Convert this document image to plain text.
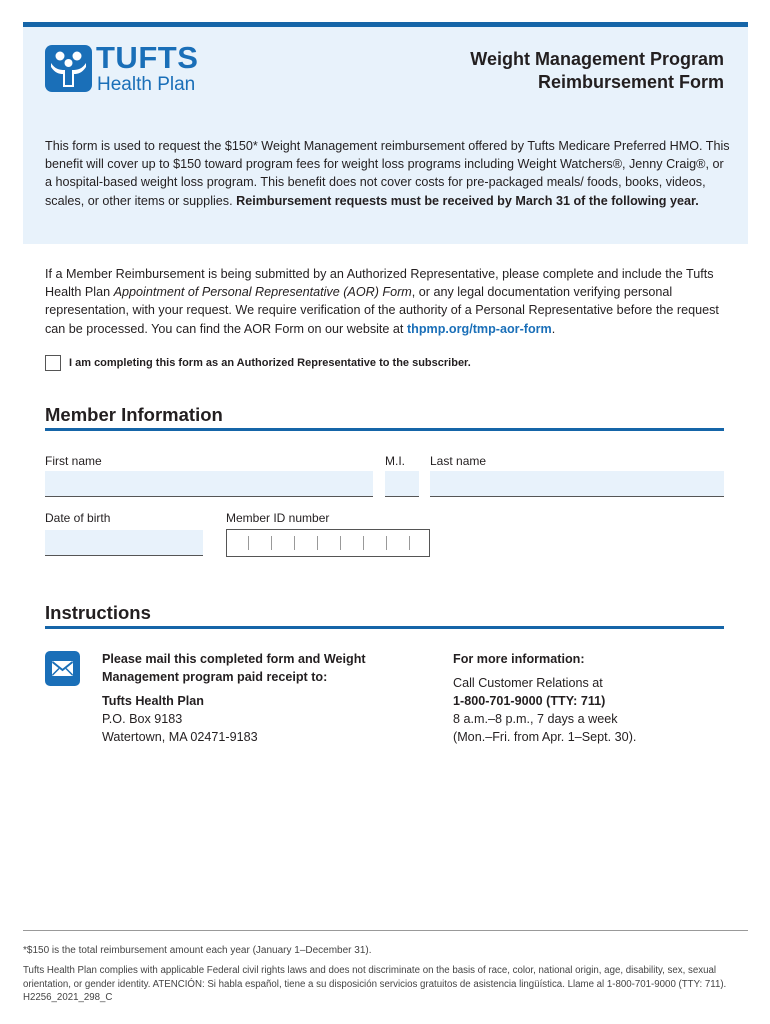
TUFTS
Health Plan
Weight Management Program
Reimbursement Form
This form is used to request the $150* Weight Management reimbursement offered by Tufts Medicare Preferred HMO. This benefit will cover up to $150 toward program fees for weight loss programs including Weight Watchers®, Jenny Craig®, or a hospital-based weight loss program. This benefit does not cover costs for pre-packaged meals/ foods, books, videos, scales, or other items or supplies. Reimbursement requests must be received by March 31 of the following year.
If a Member Reimbursement is being submitted by an Authorized Representative, please complete and include the Tufts Health Plan Appointment of Personal Representative (AOR) Form, or any legal documentation verifying personal representation, with your request. We require verification of the authority of a Personal Representative before the request can be processed. You can find the AOR Form on our website at thpmp.org/tmp-aor-form.
I am completing this form as an Authorized Representative to the subscriber.
Member Information
First name	M.I. Last name
Date of birth	Member ID number
Instructions
Please mail this completed form and Weight
Management program paid receipt to:
Tufts Health Plan
P.O. Box 9183
Watertown, MA 02471-9183
For more information:
Call Customer Relations at
1-800-701-9000 (TTY: 711)
8 a.m.–8 p.m., 7 days a week
(Mon.–Fri. from Apr. 1–Sept. 30).
*$150 is the total reimbursement amount each year (January 1–December 31).
Tufts Health Plan complies with applicable Federal civil rights laws and does not discriminate on the basis of race, color, national origin, age, disability, sex, sexual orientation, or gender identity. ATENCIÓN: Si habla español, tiene a su disposición servicios gratuitos de asistencia lingüística. Llame al 1-800-701-9000 (TTY: 711). H2256_2021_298_C
